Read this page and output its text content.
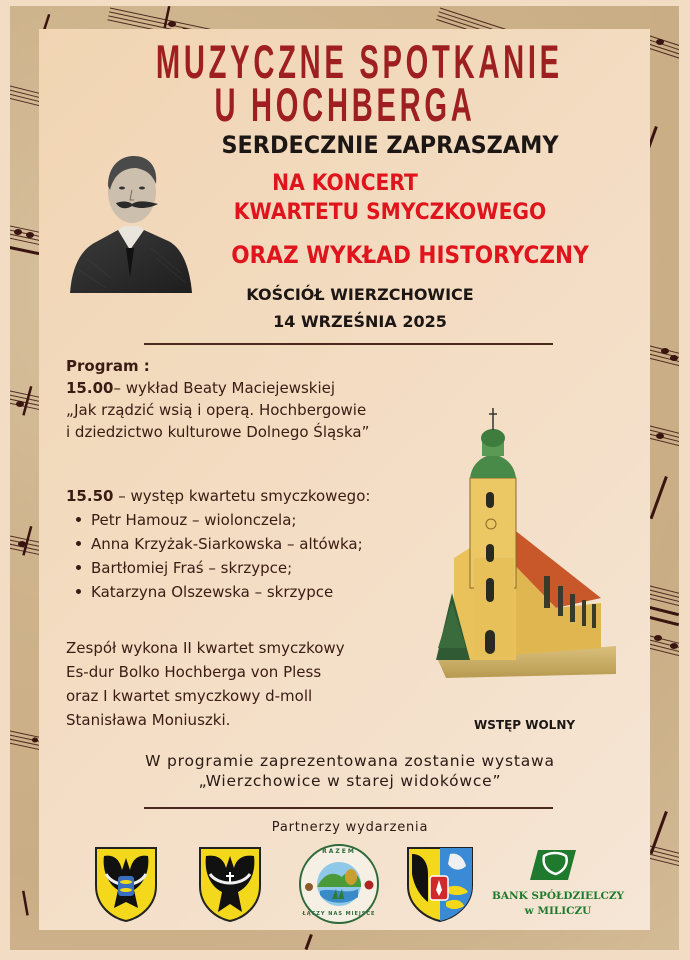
MUZYCZNE SPOTKANIE
U HOCHBERGA
SERDECZNIE ZAPRASZAMY
NA KONCERT
KWARTETU SMYCZKOWEGO
ORAZ WYKŁAD HISTORYCZNY
KOŚCIÓŁ WIERZCHOWICE
14 WRZEŚNIA 2025
Program :
15.00– wykład Beaty Maciejewskiej
„Jak rządzić wsią i operą. Hochbergowie
i dziedzictwo kulturowe Dolnego Śląska”
15.50 – występ kwartetu smyczkowego:
Petr Hamouz – wiolonczela;
Anna Krzyżak-Siarkowska – altówka;
Bartłomiej Fraś – skrzypce;
Katarzyna Olszewska – skrzypce
Zespół wykona II kwartet smyczkowy
Es-dur Bolko Hochberga von Pless
oraz I kwartet smyczkowy d-moll
Stanisława Moniuszki.	WSTĘP WOLNY
W programie zaprezentowana zostanie wystawa
„Wierzchowice w starej widokówce”
Partnerzy wydarzenia
RAZEM
ŁĄCZY NAS MIEJSCE
BANK SPÓŁDZIELCZY
w MILICZU
